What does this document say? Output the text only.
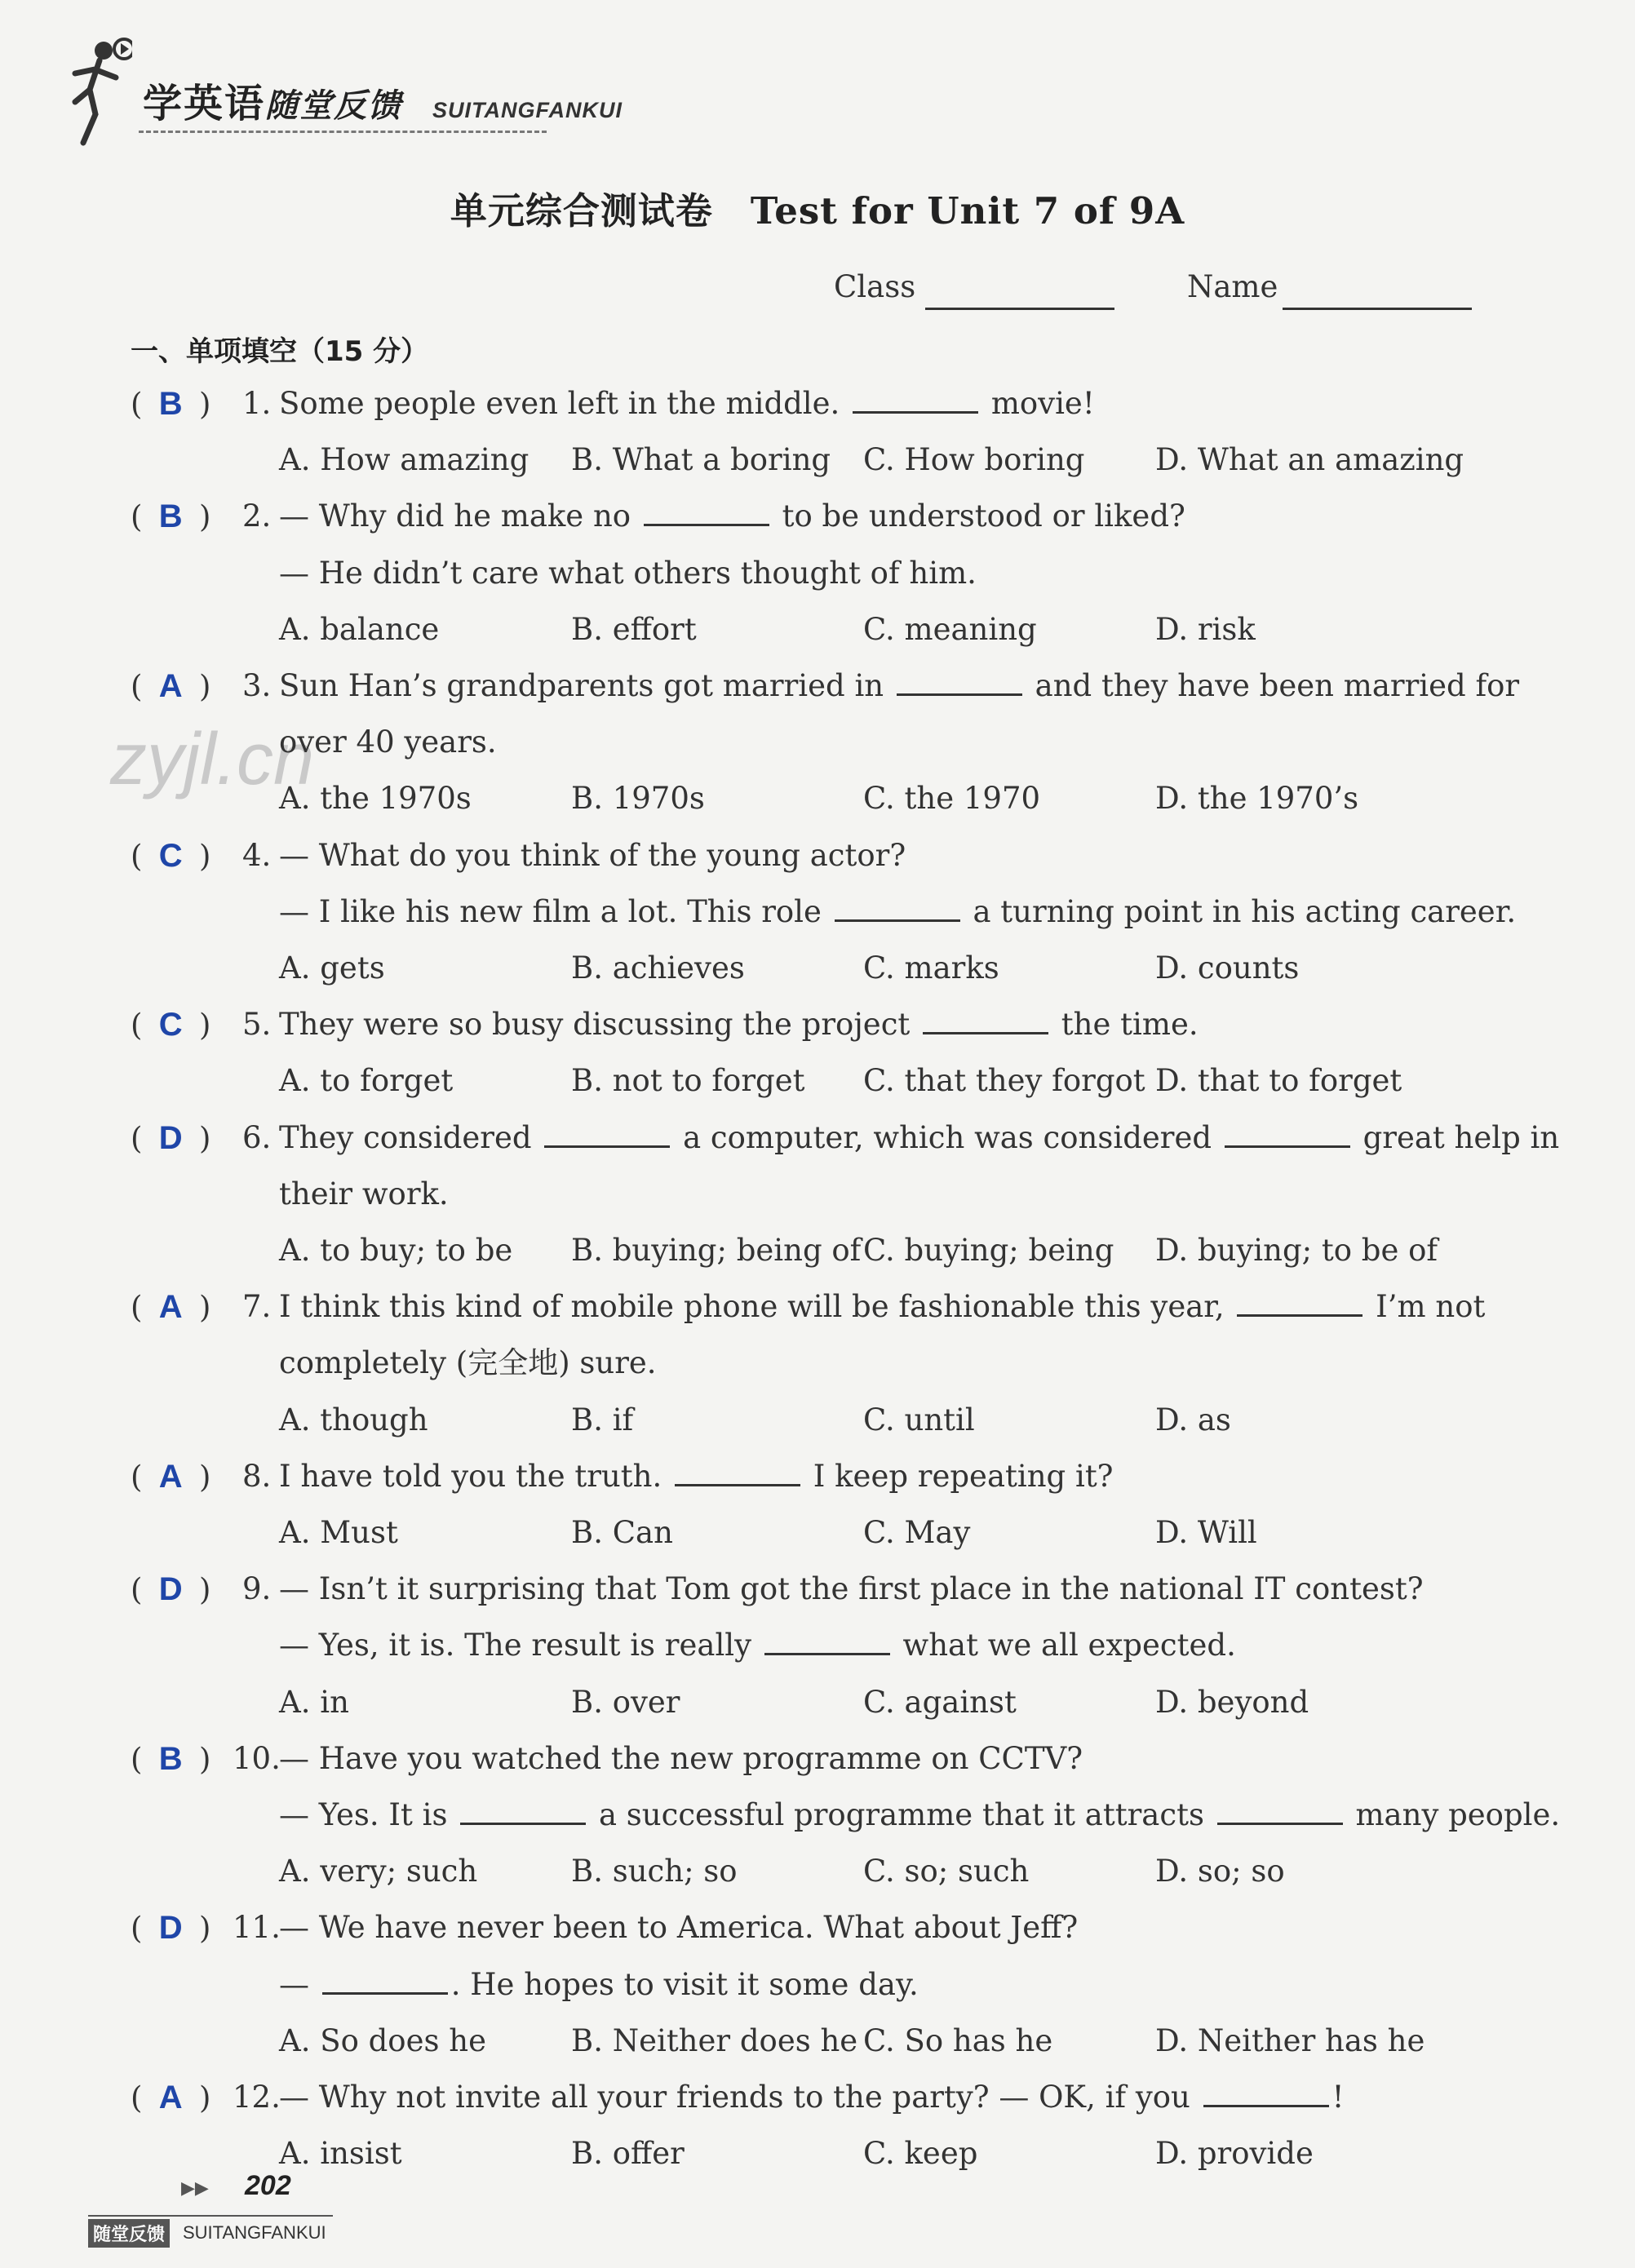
学英语随堂反馈 SUITANGFANKUI
单元综合测试卷　Test for Unit 7 of 9A
Class	Name
一、单项填空（15 分）
zyjl.cn
( B )	1. Some people even left in the middle.	movie!
A. How amazing B. What a boring C. How boring D. What an amazing
( B )	2. — Why did he make no	to be understood or liked?
— He didn’t care what others thought of him.
A. balance	B. effort	C. meaning	D. risk
( A )	3. Sun Han’s grandparents got married in	and they have been married for
over 40 years.
A. the 1970s	B. 1970s	C. the 1970	D. the 1970’s
( C )	4. — What do you think of the young actor?
— I like his new film a lot. This role	a turning point in his acting career.
A. gets	B. achieves	C. marks	D. counts
( C )	5. They were so busy discussing the project	the time.
A. to forget	B. not to forget C. that they forgot D. that to forget
( D )	6. They considered	a computer, which was considered	great help in
their work.
A. to buy; to be B. buying; being of C. buying; being D. buying; to be of
( A )	7. I think this kind of mobile phone will be fashionable this year,	I’m not
completely (完全地) sure.
A. though	B. if	C. until	D. as
( A )	8. I have told you the truth.	I keep repeating it?
A. Must	B. Can	C. May	D. Will
( D )	9. — Isn’t it surprising that Tom got the first place in the national IT contest?
— Yes, it is. The result is really	what we all expected.
A. in	B. over	C. against	D. beyond
( B ) 10.
— Have you watched the new programme on CCTV?
— Yes. It is	a successful programme that it attracts	many people.
A. very; such	B. such; so	C. so; such	D. so; so
( D ) 11.
— We have never been to America. What about Jeff?
—	. He hopes to visit it some day.
A. So does he	B. Neither does he C. So has he	D. Neither has he
( A ) 12.
— Why not invite all your friends to the party? — OK, if you	!
A. insist	B. offer	C. keep	D. provide
▶▶ 202
随堂反馈 SUITANGFANKUI
